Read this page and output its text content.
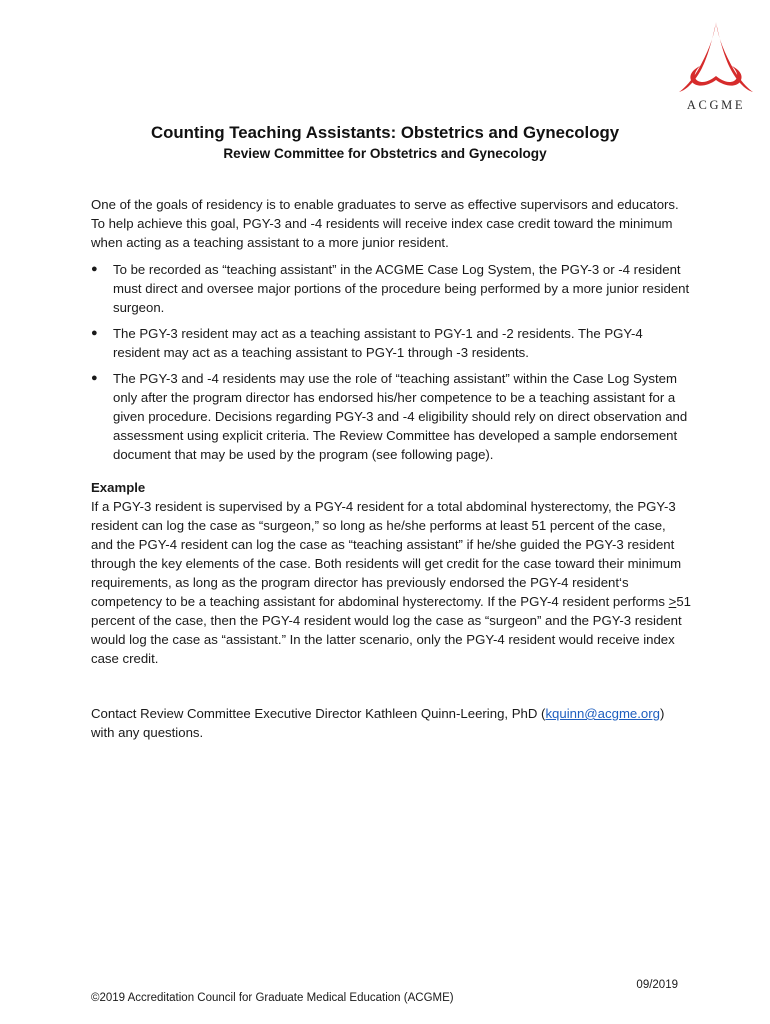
ACGME
Counting Teaching Assistants: Obstetrics and Gynecology
Review Committee for Obstetrics and Gynecology

One of the goals of residency is to enable graduates to serve as effective supervisors and educators. To help achieve this goal, PGY-3 and -4 residents will receive index case credit toward the minimum when acting as a teaching assistant to a more junior resident.

● To be recorded as “teaching assistant” in the ACGME Case Log System, the PGY-3 or -4 resident must direct and oversee major portions of the procedure being performed by a more junior resident surgeon.
● The PGY-3 resident may act as a teaching assistant to PGY-1 and -2 residents. The PGY-4 resident may act as a teaching assistant to PGY-1 through -3 residents.
● The PGY-3 and -4 residents may use the role of “teaching assistant” within the Case Log System only after the program director has endorsed his/her competence to be a teaching assistant for a given procedure. Decisions regarding PGY-3 and -4 eligibility should rely on direct observation and assessment using explicit criteria. The Review Committee has developed a sample endorsement document that may be used by the program (see following page).

Example

If a PGY-3 resident is supervised by a PGY-4 resident for a total abdominal hysterectomy, the PGY-3 resident can log the case as “surgeon,” so long as he/she performs at least 51 percent of the case, and the PGY-4 resident can log the case as “teaching assistant” if he/she guided the PGY-3 resident through the key elements of the case. Both residents will get credit for the case toward their minimum requirements, as long as the program director has previously endorsed the PGY-4 resident‘s competency to be a teaching assistant for abdominal hysterectomy. If the PGY-4 resident performs ≥51 percent of the case, then the PGY-4 resident would log the case as “surgeon” and the PGY-3 resident would log the case as “assistant.” In the latter scenario, only the PGY-4 resident would receive index case credit.

Contact Review Committee Executive Director Kathleen Quinn-Leering, PhD (kquinn@acgme.org) with any questions.

09/2019
©2019 Accreditation Council for Graduate Medical Education (ACGME)
